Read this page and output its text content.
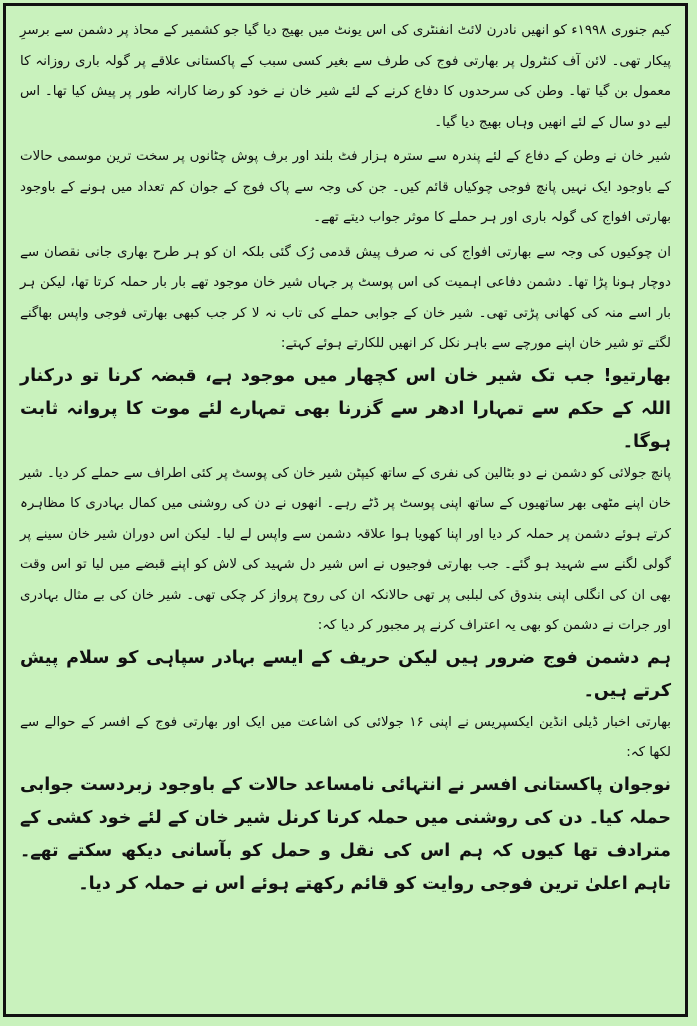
کیم جنوری ۱۹۹۸ء کو انھیں نادرن لائٹ انفنٹری کی اس یونٹ میں بھیج دیا گیا جو کشمیر کے محاذ پر دشمن سے برسرِ پیکار تھی۔ لائن آف کنٹرول پر بھارتی فوج کی طرف سے بغیر کسی سبب کے پاکستانی علاقے پر گولہ باری روزانہ کا معمول بن گیا تھا۔ وطن کی سرحدوں کا دفاع کرنے کے لئے شیر خان نے خود کو رضا کارانہ طور پر پیش کیا تھا۔ اس لیے دو سال کے لئے انھیں وہاں بھیج دیا گیا۔

شیر خان نے وطن کے دفاع کے لئے پندرہ سے سترہ ہزار فٹ بلند اور برف پوش چٹانوں پر سخت ترین موسمی حالات کے باوجود ایک نہیں پانچ فوجی چوکیاں قائم کیں۔ جن کی وجہ سے پاک فوج کے جوان کم تعداد میں ہونے کے باوجود بھارتی افواج کی گولہ باری اور ہر حملے کا موثر جواب دیتے تھے۔

ان چوکیوں کی وجہ سے بھارتی افواج کی نہ صرف پیش قدمی رُک گئی بلکہ ان کو ہر طرح بھاری جانی نقصان سے دوچار ہونا پڑا تھا۔ دشمن دفاعی اہمیت کی اس پوسٹ پر جہاں شیر خان موجود تھے بار بار حملہ کرتا تھا، لیکن ہر بار اسے منہ کی کھانی پڑتی تھی۔ شیر خان کے جوابی حملے کی تاب نہ لا کر جب کبھی بھارتی فوجی واپس بھاگنے لگتے تو شیر خان اپنے مورچے سے باہر نکل کر انھیں للکارتے ہوئے کہتے:

بھارتیو! جب تک شیر خان اس کچھار میں موجود ہے، قبضہ کرنا تو درکنار اللہ کے حکم سے تمہارا ادھر سے گزرنا بھی تمہارے لئے موت کا پروانہ ثابت ہوگا۔

پانچ جولائی کو دشمن نے دو بٹالین کی نفری کے ساتھ کیپٹن شیر خان کی پوسٹ پر کئی اطراف سے حملے کر دیا۔ شیر خان اپنے مٹھی بھر ساتھیوں کے ساتھ اپنی پوسٹ پر ڈٹے رہے۔ انھوں نے دن کی روشنی میں کمال بہادری کا مظاہرہ کرتے ہوئے دشمن پر حملہ کر دیا اور اپنا کھویا ہوا علاقہ دشمن سے واپس لے لیا۔ لیکن اس دوران شیر خان سینے پر گولی لگنے سے شہید ہو گئے۔ جب بھارتی فوجیوں نے اس شیر دل شہید کی لاش کو اپنے قبضے میں لیا تو اس وقت بھی ان کی انگلی اپنی بندوق کی لبلبی پر تھی حالانکہ ان کی روح پرواز کر چکی تھی۔ شیر خان کی بے مثال بہادری اور جرات نے دشمن کو بھی یہ اعتراف کرنے پر مجبور کر دیا کہ:

ہم دشمن فوج ضرور ہیں لیکن حریف کے ایسے بہادر سپاہی کو سلام پیش کرتے ہیں۔

بھارتی اخبار ڈیلی انڈین ایکسپریس نے اپنی ۱۶ جولائی کی اشاعت میں ایک اور بھارتی فوج کے افسر کے حوالے سے لکھا کہ:

نوجوان پاکستانی افسر نے انتہائی نامساعد حالات کے باوجود زبردست جوابی حملہ کیا۔ دن کی روشنی میں حملہ کرنا کرنل شیر خان کے لئے خود کشی کے مترادف تھا کیوں کہ ہم اس کی نقل و حمل کو بآسانی دیکھ سکتے تھے۔ تاہم اعلیٰ ترین فوجی روایت کو قائم رکھتے ہوئے اس نے حملہ کر دیا۔
